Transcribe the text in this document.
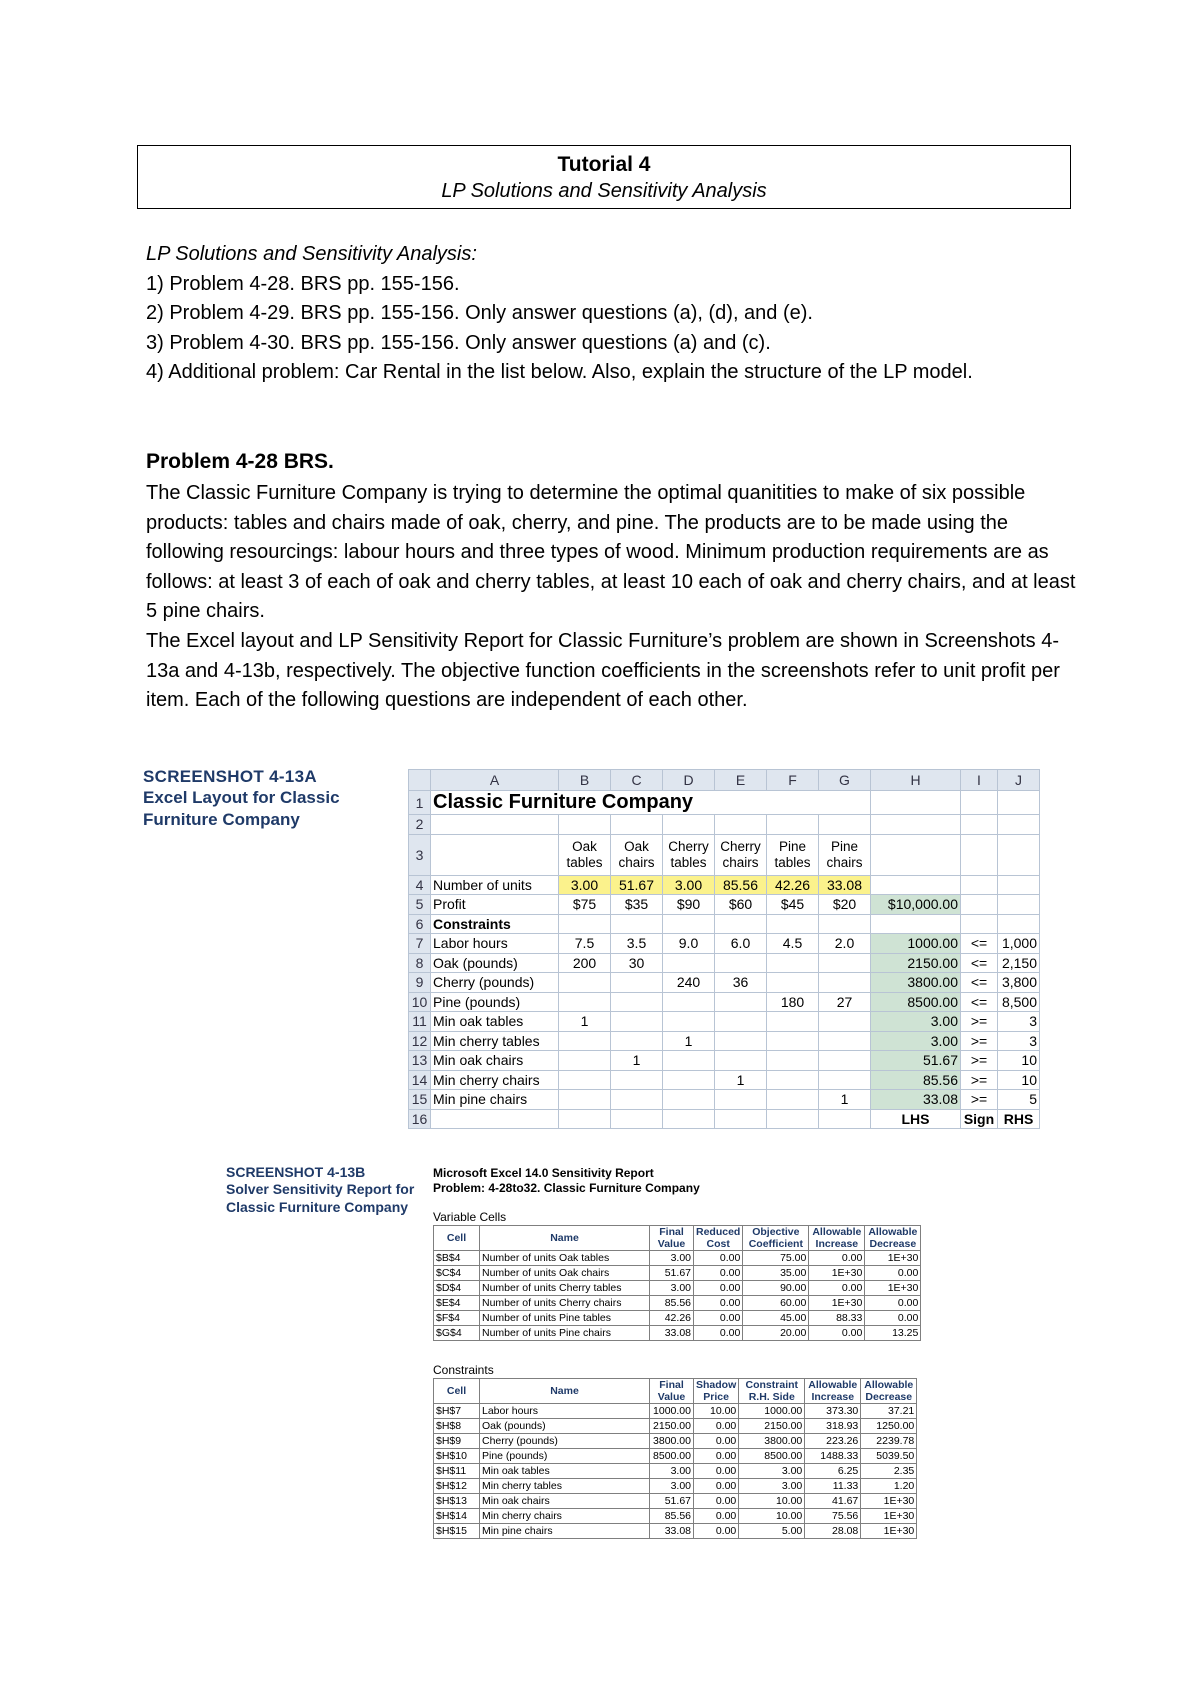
Tutorial 4
LP Solutions and Sensitivity Analysis
LP Solutions and Sensitivity Analysis:
1) Problem 4-28. BRS pp. 155-156.
2) Problem 4-29. BRS pp. 155-156. Only answer questions (a), (d), and (e).
3) Problem 4-30. BRS pp. 155-156. Only answer questions (a) and (c).
4) Additional problem: Car Rental in the list below. Also, explain the structure of the LP model.
Problem 4-28 BRS.

The Classic Furniture Company is trying to determine the optimal quanitities to make of six possible products: tables and chairs made of oak, cherry, and pine. The products are to be made using the following resourcings: labour hours and three types of wood. Minimum production requirements are as follows: at least 3 of each of oak and cherry tables, at least 10 each of oak and cherry chairs, and at least 5 pine chairs.

The Excel layout and LP Sensitivity Report for Classic Furniture’s problem are shown in Screenshots 4-13a and 4-13b, respectively. The objective function coefficients in the screenshots refer to unit profit per item. Each of the following questions are independent of each other.

SCREENSHOT 4-13A
Excel Layout for Classic Furniture Company
	A	B	C	D	E	F	G	H	I	J
1	Classic Furniture Company									
2										
3		Oak tables	Oak chairs	Cherry tables	Cherry chairs	Pine tables	Pine chairs			
4	Number of units	3.00	51.67	3.00	85.56	42.26	33.08			
5	Profit	$75	$35	$90	$60	$45	$20	$10,000.00		
6	Constraints									
7	Labor hours	7.5	3.5	9.0	6.0	4.5	2.0	1000.00	<=	1,000
8	Oak (pounds)	200	30					2150.00	<=	2,150
9	Cherry (pounds)			240	36			3800.00	<=	3,800
10	Pine (pounds)					180	27	8500.00	<=	8,500
11	Min oak tables	1						3.00	>=	3
12	Min cherry tables			1				3.00	>=	3
13	Min oak chairs		1					51.67	>=	10
14	Min cherry chairs				1			85.56	>=	10
15	Min pine chairs						1	33.08	>=	5
16								LHS	Sign	RHS
SCREENSHOT 4-13B
Solver Sensitivity Report for Classic Furniture Company
Microsoft Excel 14.0 Sensitivity Report
Problem: 4-28to32. Classic Furniture Company
Variable Cells
Cell	Name	Final Value	Reduced Cost	Objective Coefficient	Allowable Increase	Allowable Decrease
$B$4	Number of units Oak tables	3.00	0.00	75.00	0.00	1E+30
$C$4	Number of units Oak chairs	51.67	0.00	35.00	1E+30	0.00
$D$4	Number of units Cherry tables	3.00	0.00	90.00	0.00	1E+30
$E$4	Number of units Cherry chairs	85.56	0.00	60.00	1E+30	0.00
$F$4	Number of units Pine tables	42.26	0.00	45.00	88.33	0.00
$G$4	Number of units Pine chairs	33.08	0.00	20.00	0.00	13.25
Constraints
Cell	Name	Final Value	Shadow Price	Constraint R.H. Side	Allowable Increase	Allowable Decrease
$H$7	Labor hours	1000.00	10.00	1000.00	373.30	37.21
$H$8	Oak (pounds)	2150.00	0.00	2150.00	318.93	1250.00
$H$9	Cherry (pounds)	3800.00	0.00	3800.00	223.26	2239.78
$H$10	Pine (pounds)	8500.00	0.00	8500.00	1488.33	5039.50
$H$11	Min oak tables	3.00	0.00	3.00	6.25	2.35
$H$12	Min cherry tables	3.00	0.00	3.00	11.33	1.20
$H$13	Min oak chairs	51.67	0.00	10.00	41.67	1E+30
$H$14	Min cherry chairs	85.56	0.00	10.00	75.56	1E+30
$H$15	Min pine chairs	33.08	0.00	5.00	28.08	1E+30
